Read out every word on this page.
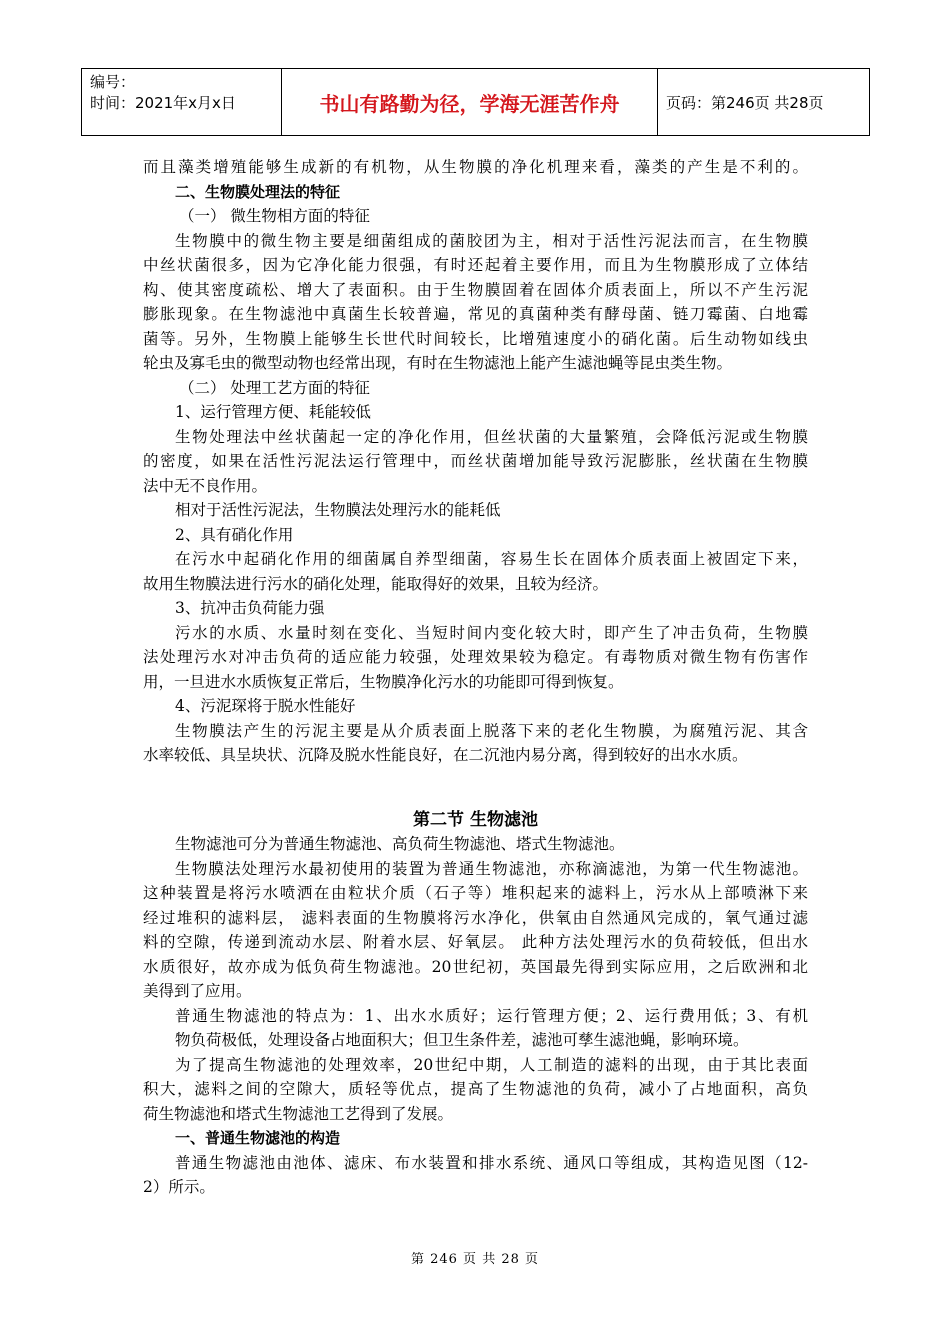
编号：
时间：2021年x月x日	书山有路勤为径，学海无涯苦作舟	页码：第246页 共28页
而且藻类增殖能够生成新的有机物，从生物膜的净化机理来看，藻类的产生是不利的。
二、生物膜处理法的特征
（一） 微生物相方面的特征
生物膜中的微生物主要是细菌组成的菌胶团为主，相对于活性污泥法而言，在生物膜
中丝状菌很多，因为它净化能力很强，有时还起着主要作用，而且为生物膜形成了立体结
构、使其密度疏松、增大了表面积。由于生物膜固着在固体介质表面上，所以不产生污泥
膨胀现象。在生物滤池中真菌生长较普遍，常见的真菌种类有酵母菌、链刀霉菌、白地霉
菌等。另外，生物膜上能够生长世代时间较长，比增殖速度小的硝化菌。后生动物如线虫
轮虫及寡毛虫的微型动物也经常出现，有时在生物滤池上能产生滤池蝇等昆虫类生物。
（二） 处理工艺方面的特征
1、运行管理方便、耗能较低
生物处理法中丝状菌起一定的净化作用，但丝状菌的大量繁殖，会降低污泥或生物膜
的密度，如果在活性污泥法运行管理中，而丝状菌增加能导致污泥膨胀，丝状菌在生物膜
法中无不良作用。
相对于活性污泥法，生物膜法处理污水的能耗低
2、具有硝化作用
在污水中起硝化作用的细菌属自养型细菌，容易生长在固体介质表面上被固定下来，
故用生物膜法进行污水的硝化处理，能取得好的效果，且较为经济。
3、抗冲击负荷能力强
污水的水质、水量时刻在变化、当短时间内变化较大时，即产生了冲击负荷，生物膜
法处理污水对冲击负荷的适应能力较强，处理效果较为稳定。有毒物质对微生物有伤害作
用，一旦进水水质恢复正常后，生物膜净化污水的功能即可得到恢复。
4、污泥琛将于脱水性能好
生物膜法产生的污泥主要是从介质表面上脱落下来的老化生物膜，为腐殖污泥、其含
水率较低、具呈块状、沉降及脱水性能良好，在二沉池内易分离，得到较好的出水水质。
第二节 生物滤池
生物滤池可分为普通生物滤池、高负荷生物滤池、塔式生物滤池。
生物膜法处理污水最初使用的装置为普通生物滤池，亦称滴滤池，为第一代生物滤池。
这种装置是将污水喷洒在由粒状介质（石子等）堆积起来的滤料上，污水从上部喷淋下来
经过堆积的滤料层， 滤料表面的生物膜将污水净化，供氧由自然通风完成的，氧气通过滤
料的空隙，传递到流动水层、附着水层、好氧层。 此种方法处理污水的负荷较低，但出水
水质很好，故亦成为低负荷生物滤池。20世纪初，英国最先得到实际应用，之后欧洲和北
美得到了应用。
普通生物滤池的特点为：1、出水水质好；运行管理方便；2、运行费用低；3、有机
物负荷极低，处理设备占地面积大；但卫生条件差，滤池可孳生滤池蝇，影响环境。
为了提高生物滤池的处理效率，20世纪中期，人工制造的滤料的出现，由于其比表面
积大，滤料之间的空隙大，质轻等优点，提高了生物滤池的负荷，减小了占地面积，高负
荷生物滤池和塔式生物滤池工艺得到了发展。
一、普通生物滤池的构造
普通生物滤池由池体、滤床、布水装置和排水系统、通风口等组成，其构造见图（12-
2）所示。
第 246 页 共 28 页
